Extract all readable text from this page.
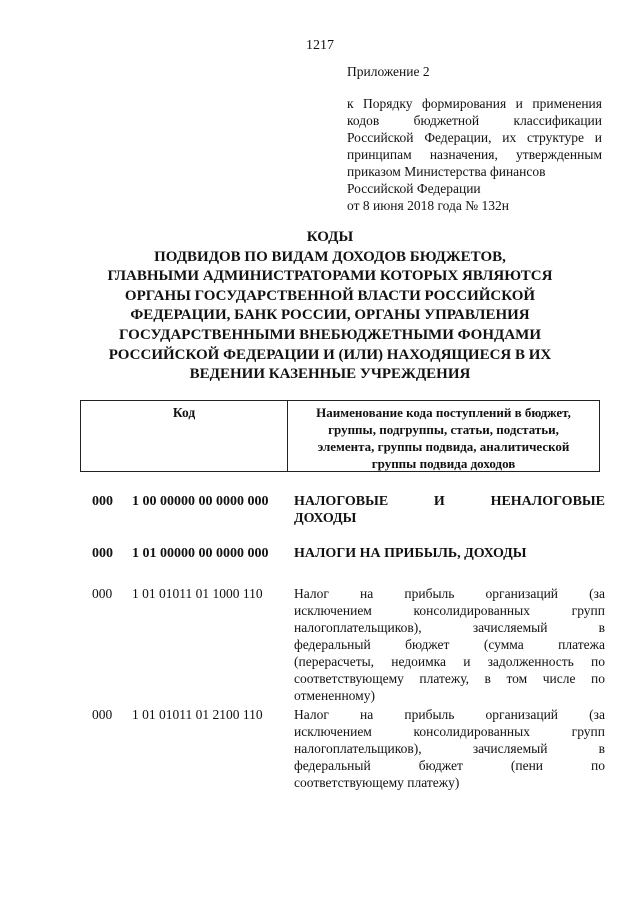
1217
Приложение 2
к Порядку формирования и применения
кодов бюджетной классификации
Российской Федерации, их структуре и
принципам назначения, утвержденным
приказом Министерства финансов
Российской Федерации
от 8 июня 2018 года № 132н
КОДЫ
ПОДВИДОВ ПО ВИДАМ ДОХОДОВ БЮДЖЕТОВ,
ГЛАВНЫМИ АДМИНИСТРАТОРАМИ КОТОРЫХ ЯВЛЯЮТСЯ
ОРГАНЫ ГОСУДАРСТВЕННОЙ ВЛАСТИ РОССИЙСКОЙ
ФЕДЕРАЦИИ, БАНК РОССИИ, ОРГАНЫ УПРАВЛЕНИЯ
ГОСУДАРСТВЕННЫМИ ВНЕБЮДЖЕТНЫМИ ФОНДАМИ
РОССИЙСКОЙ ФЕДЕРАЦИИ И (ИЛИ) НАХОДЯЩИЕСЯ В ИХ
ВЕДЕНИИ КАЗЕННЫЕ УЧРЕЖДЕНИЯ
Код	Наименование кода поступлений в бюджет,
группы, подгруппы, статьи, подстатьи,
элемента, группы подвида, аналитической
группы подвида доходов
000 1 00 00000 00 0000 000 НАЛОГОВЫЕ И НЕНАЛОГОВЫЕ
ДОХОДЫ
000 1 01 00000 00 0000 000 НАЛОГИ НА ПРИБЫЛЬ, ДОХОДЫ
000 1 01 01011 01 1000 110 Налог на прибыль организаций (за
исключением консолидированных групп
налогоплательщиков), зачисляемый в
федеральный бюджет (сумма платежа
(перерасчеты, недоимка и задолженность по
соответствующему платежу, в том числе по
отмененному)
000 1 01 01011 01 2100 110 Налог на прибыль организаций (за
исключением консолидированных групп
налогоплательщиков), зачисляемый в
федеральный бюджет (пени по
соответствующему платежу)
